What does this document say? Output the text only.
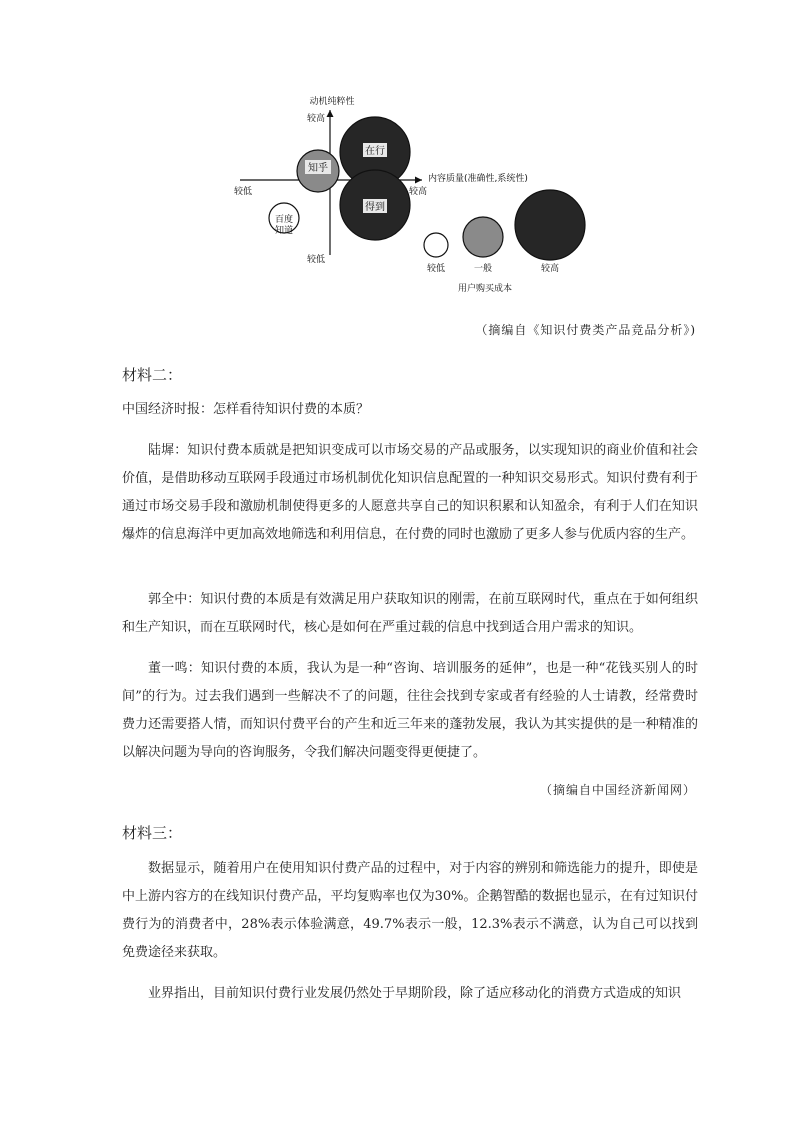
动机纯粹性
较高
较低
较低	较高
内容质量(准确性,系统性)
在行
知乎
得到
百度知道
较低	一般	较高
用户购买成本
（摘编自《知识付费类产品竞品分析》)
材料二：

中国经济时报：怎样看待知识付费的本质？

陆墀：知识付费本质就是把知识变成可以市场交易的产品或服务，以实现知识的商业价值和社会价值，是借助移动互联网手段通过市场机制优化知识信息配置的一种知识交易形式。知识付费有利于通过市场交易手段和激励机制使得更多的人愿意共享自己的知识积累和认知盈余，有利于人们在知识爆炸的信息海洋中更加高效地筛选和利用信息，在付费的同时也激励了更多人参与优质内容的生产。

郭全中：知识付费的本质是有效满足用户获取知识的刚需，在前互联网时代，重点在于如何组织和生产知识，而在互联网时代，核心是如何在严重过载的信息中找到适合用户需求的知识。

董一鸣：知识付费的本质，我认为是一种“咨询、培训服务的延伸”，也是一种“花钱买别人的时间”的行为。过去我们遇到一些解决不了的问题，往往会找到专家或者有经验的人士请教，经常费时费力还需要搭人情，而知识付费平台的产生和近三年来的蓬勃发展，我认为其实提供的是一种精准的以解决问题为导向的咨询服务，令我们解决问题变得更便捷了。

（摘编自中国经济新闻网）
材料三：

数据显示，随着用户在使用知识付费产品的过程中，对于内容的辨别和筛选能力的提升，即使是中上游内容方的在线知识付费产品，平均复购率也仅为30%。企鹅智酷的数据也显示，在有过知识付费行为的消费者中，28%表示体验满意，49.7%表示一般，12.3%表示不满意，认为自己可以找到免费途径来获取。

业界指出，目前知识付费行业发展仍然处于早期阶段，除了适应移动化的消费方式造成的知识
